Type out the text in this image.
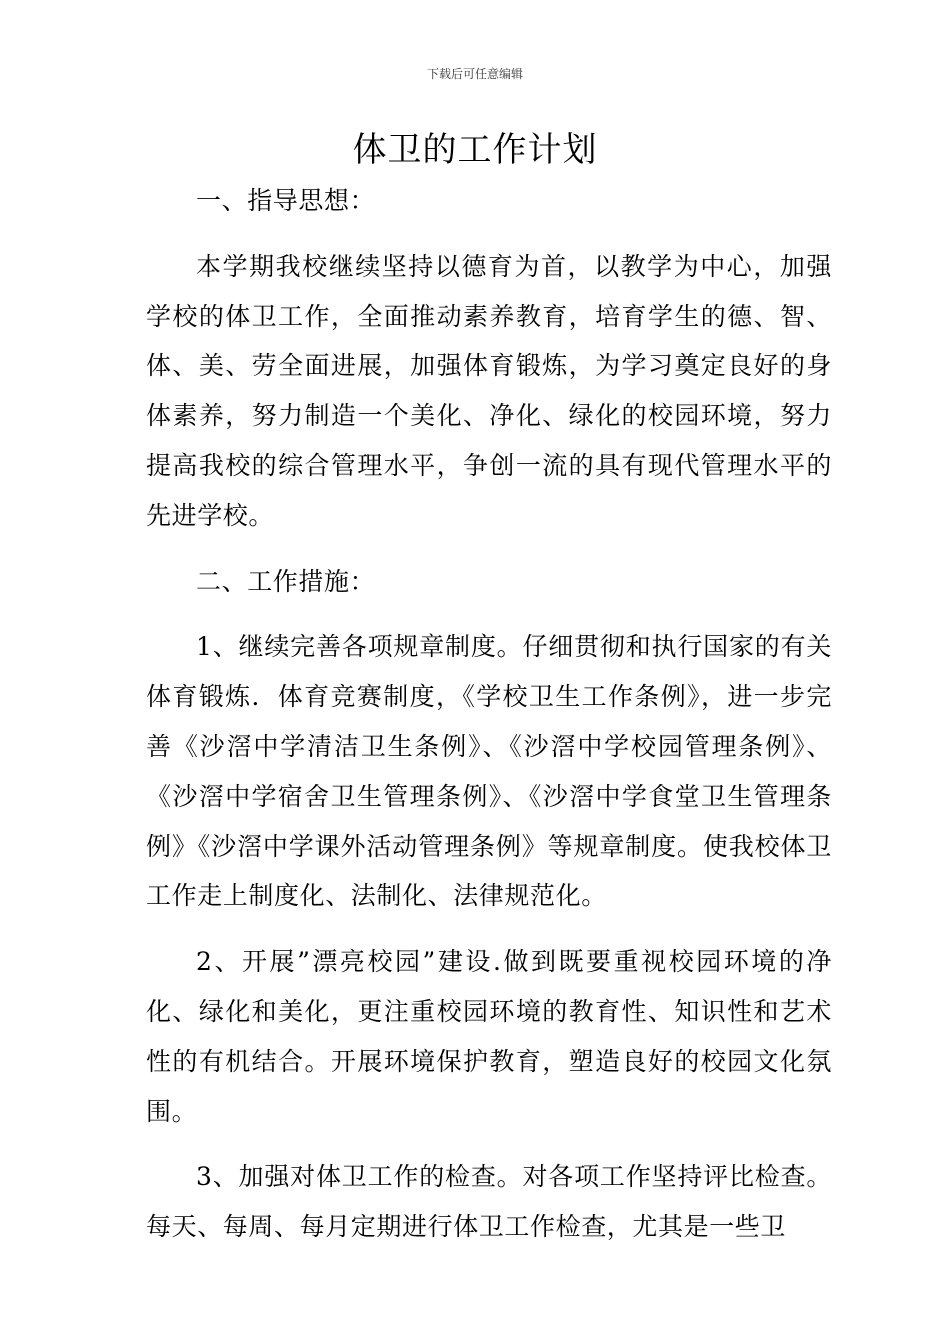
下载后可任意编辑
体卫的工作计划

一、指导思想：

本学期我校继续坚持以德育为首，以教学为中心，加强学校的体卫工作，全面推动素养教育，培育学生的德、智、体、美、劳全面进展，加强体育锻炼，为学习奠定良好的身体素养，努力制造一个美化、净化、绿化的校园环境，努力提高我校的综合管理水平，争创一流的具有现代管理水平的先进学校。

二、工作措施：

1、继续完善各项规章制度。仔细贯彻和执行国家的有关体育锻炼．体育竞赛制度，《学校卫生工作条例》，进一步完善《沙滘中学清洁卫生条例》、《沙滘中学校园管理条例》、《沙滘中学宿舍卫生管理条例》、《沙滘中学食堂卫生管理条例》《沙滘中学课外活动管理条例》等规章制度。使我校体卫工作走上制度化、法制化、法律规范化。

2、开展”漂亮校园”建设.做到既要重视校园环境的净化、绿化和美化，更注重校园环境的教育性、知识性和艺术性的有机结合。开展环境保护教育，塑造良好的校园文化氛围。

3、加强对体卫工作的检查。对各项工作坚持评比检查。每天、每周、每月定期进行体卫工作检查，尤其是一些卫
